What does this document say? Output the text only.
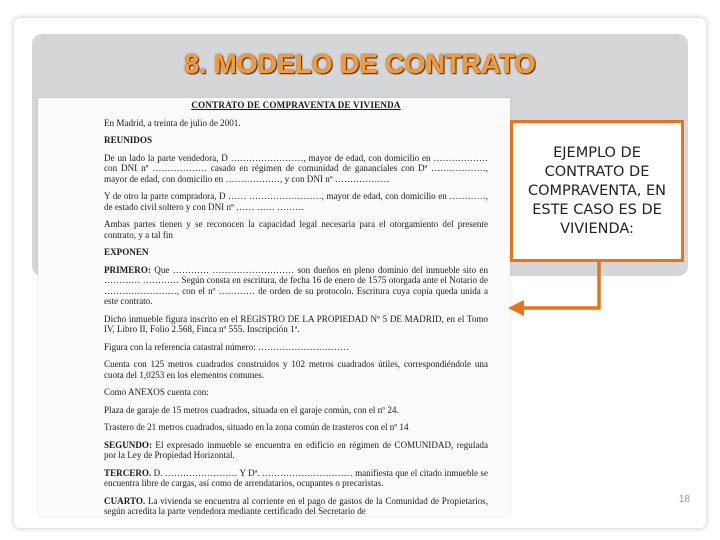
8. MODELO DE CONTRATO

CONTRATO DE COMPRAVENTA DE VIVIENDA

En Madrid, a treinta de julio de 2001.

REUNIDOS

De un lado la parte vendedora, D ……………………, mayor de edad, con domicilio en ……………… con DNI nº ……………… casado en régimen de comunidad de gananciales con Dª ………………, mayor de edad, con domicilio en ………………, y con DNI nº ………………

Y de otro la parte compradora, D …… ……………………, mayor de edad, con domicilio en …………, de estado civil soltero y con DNI nº …… …… ………

Ambas partes tienen y se reconocen la capacidad legal necesaria para el otorgamiento del presente contrato, y a tal fin

EXPONEN

PRIMERO: Que ………… ……………………… son dueños en pleno dominio del inmueble sito en ………… ………… Según consta en escritura, de fecha 16 de enero de 1575 otorgada ante el Notario de ……………………, con el nº ………… de orden de su protocolo. Escritura cuya copia queda unida a este contrato.

Dicho inmueble figura inscrito en el REGISTRO DE LA PROPIEDAD Nº 5 DE MADRID, en el Tomo IV, Libro II, Folio 2.568, Finca nº 555. Inscripción 1ª.

Figura con la referencia catastral número: …………………………

Cuenta con 125 metros cuadrados construidos y 102 metros cuadrados útiles, correspondiéndole una cuota del 1,0253 en los elementos comunes.

Como ANEXOS cuenta con:

Plaza de garaje de 15 metros cuadrados, situada en el garaje común, con el nº 24.

Trastero de 21 metros cuadrados, situado en la zona común de trasteros con el nº 14

SEGUNDO: El expresado inmueble se encuentra en edificio en régimen de COMUNIDAD, regulada por la Ley de Propiedad Horizontal.

TERCERO. D. …………………… Y Dª. ………………………… manifiesta que el citado inmueble se encuentra libre de cargas, así como de arrendatarios, ocupantes o precaristas.

CUARTO. La vivienda se encuentra al corriente en el pago de gastos de la Comunidad de Propietarios, según acredita la parte vendedora mediante certificado del Secretario de

EJEMPLO DE CONTRATO DE COMPRAVENTA, EN ESTE CASO ES DE VIVIENDA:
18
